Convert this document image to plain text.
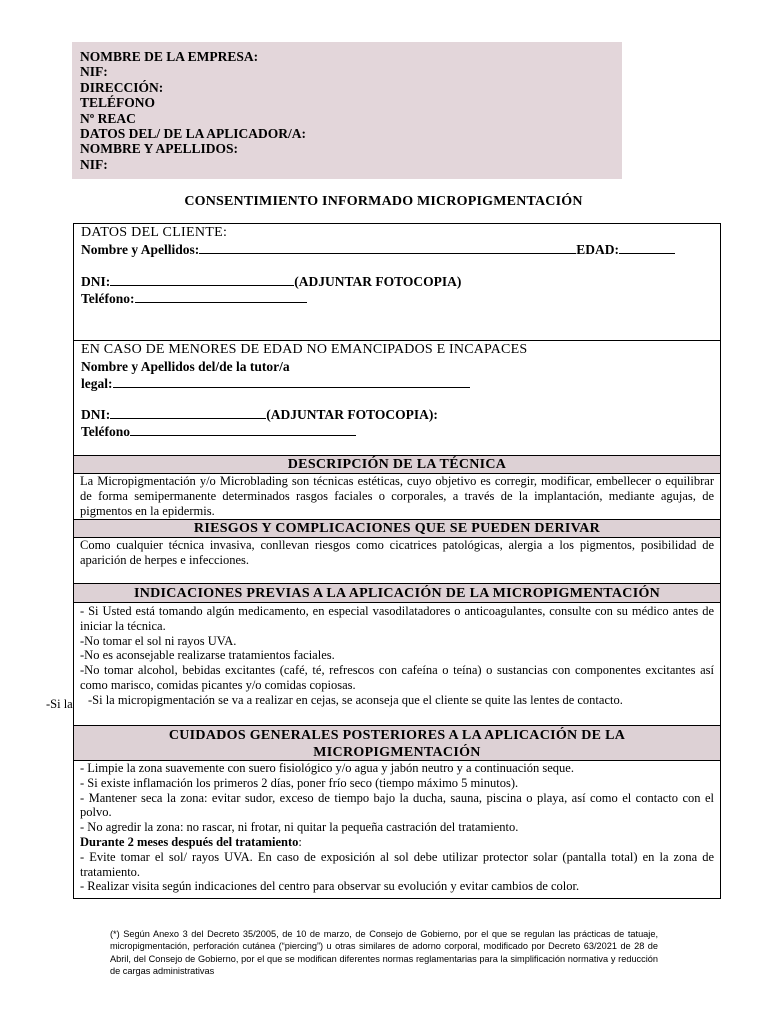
NOMBRE DE LA EMPRESA:
NIF:
DIRECCIÓN:
TELÉFONO
Nº REAC
DATOS DEL/ DE LA APLICADOR/A:
NOMBRE Y APELLIDOS:
NIF:
CONSENTIMIENTO INFORMADO MICROPIGMENTACIÓN
DATOS DEL CLIENTE:
Nombre y Apellidos:	EDAD:
DNI:	(ADJUNTAR FOTOCOPIA)
Teléfono:
EN CASO DE MENORES DE EDAD NO EMANCIPADOS E INCAPACES
Nombre y Apellidos del/de la tutor/a
legal:
DNI:	(ADJUNTAR FOTOCOPIA):
Teléfono
DESCRIPCIÓN DE LA TÉCNICA
La Micropigmentación y/o Microblading son técnicas estéticas, cuyo objetivo es corregir, modificar, embellecer o equilibrar de forma semipermanente determinados rasgos faciales o corporales, a través de la implantación, mediante agujas, de pigmentos en la epidermis.
RIESGOS Y COMPLICACIONES QUE SE PUEDEN DERIVAR
Como cualquier técnica invasiva, conllevan riesgos como cicatrices patológicas, alergia a los pigmentos, posibilidad de aparición de herpes e infecciones.
INDICACIONES PREVIAS A LA APLICACIÓN DE LA MICROPIGMENTACIÓN
- Si Usted está tomando algún medicamento, en especial vasodilatadores o anticoagulantes, consulte con su médico antes de iniciar la técnica.
-No tomar el sol ni rayos UVA.
-No es aconsejable realizarse tratamientos faciales.
-No tomar alcohol, bebidas excitantes (café, té, refrescos con cafeína o teína) o sustancias con componentes excitantes así como marisco, comidas picantes y/o comidas copiosas.
-Si la micropigmentación se va a realizar en cejas, se aconseja que el cliente se quite las lentes de contacto.
CUIDADOS GENERALES POSTERIORES A LA APLICACIÓN DE LA
MICROPIGMENTACIÓN
- Limpie la zona suavemente con suero fisiológico y/o agua y jabón neutro y a continuación seque.
- Si existe inflamación los primeros 2 días, poner frío seco (tiempo máximo 5 minutos).
- Mantener seca la zona: evitar sudor, exceso de tiempo bajo la ducha, sauna, piscina o playa, así como el contacto con el polvo.
- No agredir la zona: no rascar, ni frotar, ni quitar la pequeña castración del tratamiento.
Durante 2 meses después del tratamiento:
- Evite tomar el sol/ rayos UVA. En caso de exposición al sol debe utilizar protector solar (pantalla total) en la zona de tratamiento.
- Realizar visita según indicaciones del centro para observar su evolución y evitar cambios de color.
-Si la
(*) Según Anexo 3 del Decreto 35/2005, de 10 de marzo, de Consejo de Gobierno, por el que se regulan las prácticas de tatuaje, micropigmentación, perforación cutánea (“piercing”) u otras similares de adorno corporal, modificado por Decreto 63/2021 de 28 de Abril, del Consejo de Gobierno, por el que se modifican diferentes normas reglamentarias para la simplificación normativa y reducción de cargas administrativas
